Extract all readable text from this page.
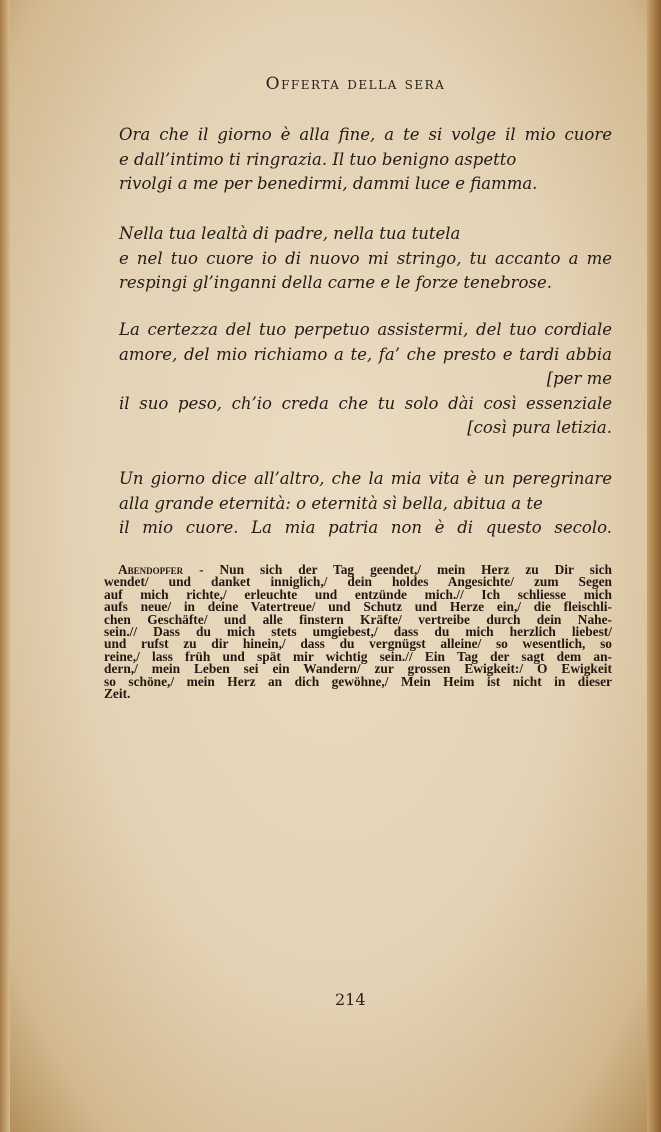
Offerta della sera
Ora che il giorno è alla fine, a te si volge il mio cuore
e dall’intimo ti ringrazia. Il tuo benigno aspetto
rivolgi a me per benedirmi, dammi luce e fiamma.
Nella tua lealtà di padre, nella tua tutela
e nel tuo cuore io di nuovo mi stringo, tu accanto a me
respingi gl’inganni della carne e le forze tenebrose.
La certezza del tuo perpetuo assistermi, del tuo cordiale
amore, del mio richiamo a te, fa’ che presto e tardi abbia
[per me
il suo peso, ch’io creda che tu solo dài così essenziale
[così pura letizia.
Un giorno dice all’altro, che la mia vita è un peregrinare
alla grande eternità: o eternità sì bella, abitua a te
il mio cuore. La mia patria non è di questo secolo.
Abendopfer - Nun sich der Tag geendet,/ mein Herz zu Dir sich
wendet/ und danket inniglich,/ dein holdes Angesichte/ zum Segen
auf mich richte,/ erleuchte und entzünde mich.// Ich schliesse mich
aufs neue/ in deine Vatertreue/ und Schutz und Herze ein,/ die fleischli-
chen Geschäfte/ und alle finstern Kräfte/ vertreibe durch dein Nahe-
sein.// Dass du mich stets umgiebest,/ dass du mich herzlich liebest/
und rufst zu dir hinein,/ dass du vergnügst alleine/ so wesentlich, so
reine,/ lass früh und spät mir wichtig sein.// Ein Tag der sagt dem an-
dern,/ mein Leben sei ein Wandern/ zur grossen Ewigkeit:/ O Ewigkeit
so schöne,/ mein Herz an dich gewöhne,/ Mein Heim ist nicht in dieser
Zeit.
214
